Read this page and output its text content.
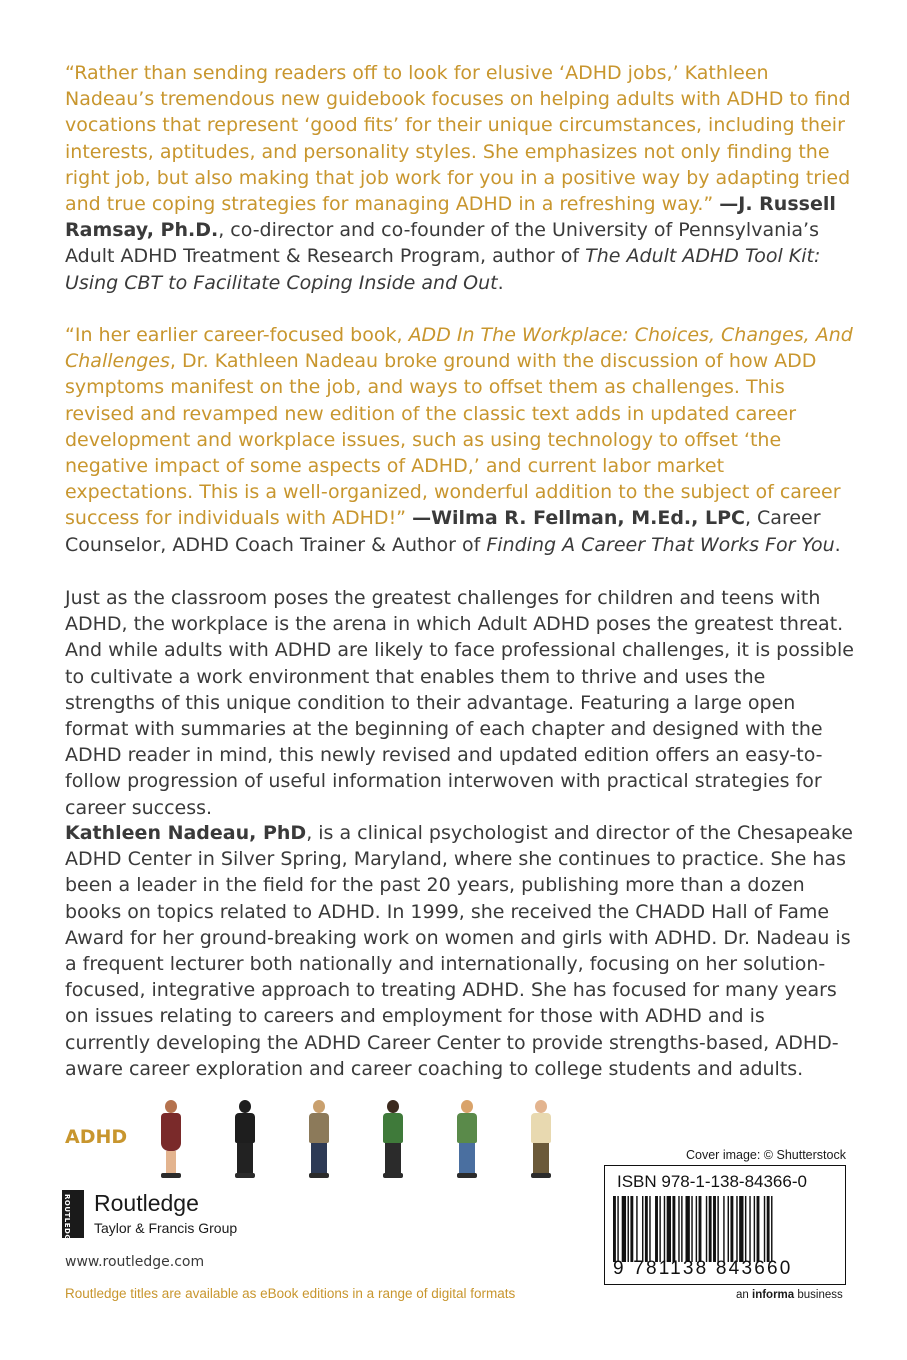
“Rather than sending readers off to look for elusive ‘ADHD jobs,’ Kathleen Nadeau’s tremendous new guidebook focuses on helping adults with ADHD to find vocations that represent ‘good fits’ for their unique circumstances, including their interests, aptitudes, and personality styles. She emphasizes not only finding the right job, but also making that job work for you in a positive way by adapting tried and true coping strategies for managing ADHD in a refreshing way.” —J. Russell Ramsay, Ph.D., co-director and co-founder of the University of Pennsylvania’s Adult ADHD Treatment & Research Program, author of The Adult ADHD Tool Kit: Using CBT to Facilitate Coping Inside and Out.
“In her earlier career-focused book, ADD In The Workplace: Choices, Changes, And Challenges, Dr. Kathleen Nadeau broke ground with the discussion of how ADD symptoms manifest on the job, and ways to offset them as challenges. This revised and revamped new edition of the classic text adds in updated career development and workplace issues, such as using technology to offset ‘the negative impact of some aspects of ADHD,’ and current labor market expectations. This is a well-organized, wonderful addition to the subject of career success for individuals with ADHD!” —Wilma R. Fellman, M.Ed., LPC, Career Counselor, ADHD Coach Trainer & Author of Finding A Career That Works For You.
Just as the classroom poses the greatest challenges for children and teens with ADHD, the workplace is the arena in which Adult ADHD poses the greatest threat. And while adults with ADHD are likely to face professional challenges, it is possible to cultivate a work environment that enables them to thrive and uses the strengths of this unique condition to their advantage. Featuring a large open format with summaries at the beginning of each chapter and designed with the ADHD reader in mind, this newly revised and updated edition offers an easy-to-follow progression of useful information interwoven with practical strategies for career success.
Kathleen Nadeau, PhD, is a clinical psychologist and director of the Chesapeake ADHD Center in Silver Spring, Maryland, where she continues to practice. She has been a leader in the field for the past 20 years, publishing more than a dozen books on topics related to ADHD. In 1999, she received the CHADD Hall of Fame Award for her ground-breaking work on women and girls with ADHD. Dr. Nadeau is a frequent lecturer both nationally and internationally, focusing on her solution-focused, integrative approach to treating ADHD. She has focused for many years on issues relating to careers and employment for those with ADHD and is currently developing the ADHD Career Center to provide strengths-based, ADHD-aware career exploration and career coaching to college students and adults.
ADHD
ROUTLEDGE Routledge
Taylor & Francis Group
www.routledge.com
Routledge titles are available as eBook editions in a range of digital formats
Cover image: © Shutterstock
ISBN 978-1-138-84366-0
9 781138 843660
an informa business
